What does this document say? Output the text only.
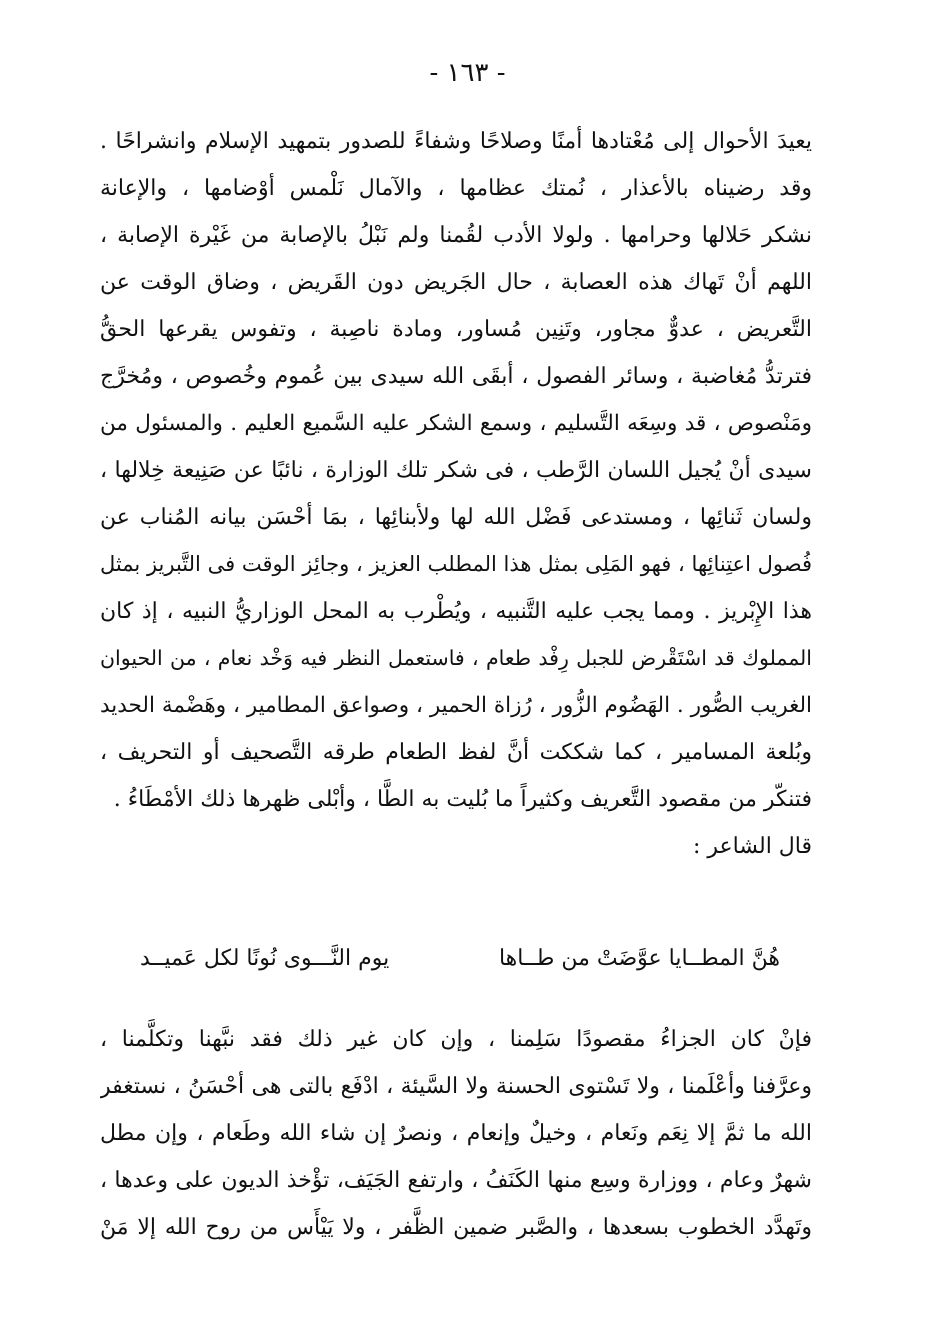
- ١٦٣ -
يعيدَ الأحوال إلى مُعْتادها أمنًا وصلاحًا وشفاءً للصدور بتمهيد الإسلام وانشراحًا .
وقد رضيناه بالأعذار ، نُمتك عظامها ، والآمال نَلْمس أوْضامها ، والإعانة
نشكر حَلالها وحرامها . ولولا الأدب لقُمنا ولم نَبْلُ بالإصابة من غَيْرة الإصابة ،
اللهم أنْ تَهاك هذه العصابة ، حال الجَريض دون القَريض ، وضاق الوقت عن
التَّعريض ، عدوٌّ مجاور، وتَنِين مُساور، ومادة ناصِبة ، وتفوس يقرعها الحقُّ
فترتدُّ مُغاضبة ، وسائر الفصول ، أبقَى الله سيدى بين عُموم وخُصوص ، ومُخرَّج
ومَنْصوص ، قد وسِعَه التَّسليم ، وسمع الشكر عليه السَّميع العليم . والمسئول من
سيدى أنْ يُجيل اللسان الرَّطب ، فى شكر تلك الوزارة ، نائبًا عن صَنِيعة خِلالها ،
ولسان ثَنائِها ، ومستدعى فَضْل الله لها ولأبنائِها ، بمَا أحْسَن بيانه المُناب عن
فُصول اعتِنائِها ، فهو المَلِى بمثل هذا المطلب العزيز ، وجائِز الوقت فى التَّبريز بمثل
هذا الإِبْريز . ومما يجب عليه التَّنبيه ، ويُطْرب به المحل الوزاريُّ النبيه ، إذ كان
المملوك قد اسْتَقْرض للجبل رِفْد طعام ، فاستعمل النظر فيه وَخْد نعام ، من الحيوان
الغريب الصُّور . الهَضُوم الزُّور ، رُزاة الحمير ، وصواعق المطامير ، وهَضْمة الحديد
وبُلعة المسامير ، كما شككت أنَّ لفظ الطعام طرقه التَّصحيف أو التحريف ،
فتنكّر من مقصود التَّعريف وكثيراً ما بُليت به الطَّا ، وأبْلى ظهرها ذلك الأمْطَاءُ .
قال الشاعر :
هُنَّ المطــايا عوَّضَتْ من طــاها
يوم النَّـــوى نُونًا لكل عَميــد
فإنْ كان الجزاءُ مقصودًا سَلِمنا ، وإن كان غير ذلك فقد نبَّهنا وتكلَّمنا ،
وعرَّفنا وأعْلَمنا ، ولا تَسْتوى الحسنة ولا السَّيئة ، ادْفَع بالتى هى أحْسَنُ ، نستغفر
الله ما ثمَّ إلا نِعَم ونَعام ، وخيلٌ وإنعام ، ونصرٌ إن شاء الله وطَعام ، وإن مطل
شهرٌ وعام ، ووزارة وسِع منها الكَنَفُ ، وارتفع الجَيَف، تؤْخذ الديون على وعدها ،
وتَهدَّد الخطوب بسعدها ، والصَّبر ضمين الظَّفر ، ولا يَيْأَس من روح الله إلا مَنْ
